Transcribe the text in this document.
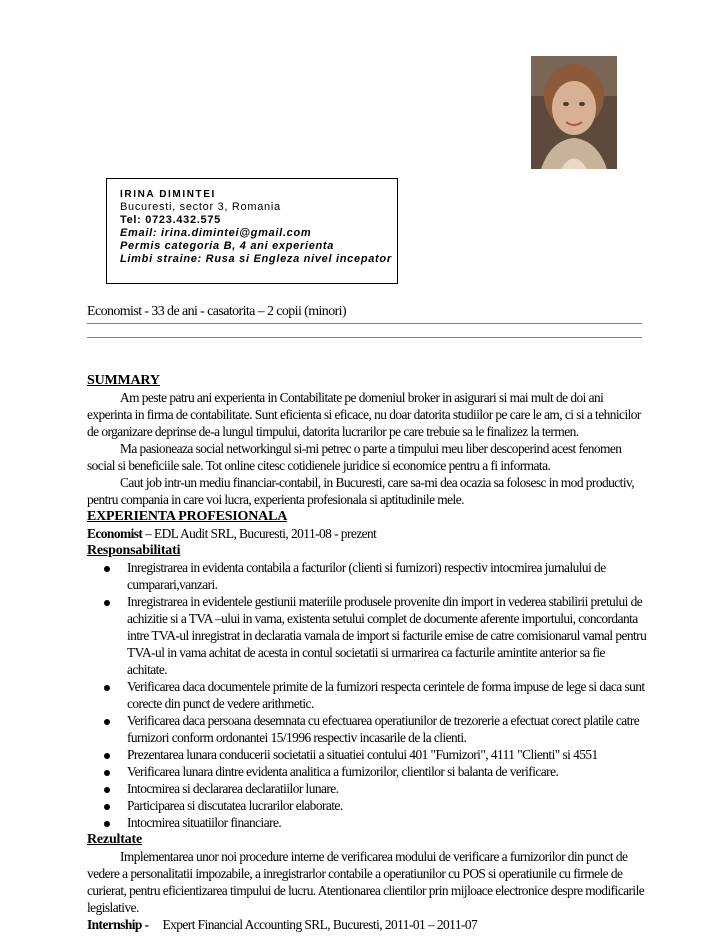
IRINA DIMINTEI
Bucuresti, sector 3, Romania
Tel: 0723.432.575
Email: irina.dimintei@gmail.com
Permis categoria B, 4 ani experienta
Limbi straine: Rusa si Engleza nivel incepator
Economist - 33 de ani - casatorita – 2 copii (minori)

SUMMARY

Am peste patru ani experienta in Contabilitate pe domeniul broker in asigurari si mai mult de doi ani experinta in firma de contabilitate. Sunt eficienta si eficace, nu doar datorita studiilor pe care le am, ci si a tehnicilor de organizare deprinse de-a lungul timpului, datorita lucrarilor pe care trebuie sa le finalizez la termen.

Ma pasioneaza social networkingul si-mi petrec o parte a timpului meu liber descoperind acest fenomen social si beneficiile sale. Tot online citesc cotidienele juridice si economice pentru a fi informata.

Caut job intr-un mediu financiar-contabil, in Bucuresti, care sa-mi dea ocazia sa folosesc in mod productiv, pentru compania in care voi lucra, experienta profesionala si aptitudinile mele.

EXPERIENTA PROFESIONALA

Economist – EDL Audit SRL, Bucuresti, 2011-08 - prezent

Responsabilitati

Inregistrarea in evidenta contabila a facturilor (clienti si furnizori) respectiv intocmirea jurnalului de cumparari,vanzari.
Inregistrarea in evidentele gestiunii materiile produsele provenite din import in vederea stabilirii pretului de achizitie si a TVA –ului in vama, existenta setului complet de documente aferente importului, concordanta intre TVA-ul inregistrat in declaratia vamala de import si facturile emise de catre comisionarul vamal pentru TVA-ul in vama achitat de acesta in contul societatii si urmarirea ca facturile amintite anterior sa fie achitate.
Verificarea daca documentele primite de la furnizori respecta cerintele de forma impuse de lege si daca sunt corecte din punct de vedere arithmetic.
Verificarea daca persoana desemnata cu efectuarea operatiunilor de trezorerie a efectuat corect platile catre furnizori conform ordonantei 15/1996 respectiv incasarile de la clienti.
Prezentarea lunara conducerii societatii a situatiei contului 401 "Furnizori", 4111 "Clienti" si 4551
Verificarea lunara dintre evidenta analitica a furnizorilor, clientilor si balanta de verificare.
Intocmirea si declararea declaratiilor lunare.
Participarea si discutatea lucrarilor elaborate.
Intocmirea situatiilor financiare.

Rezultate

Implementarea unor noi procedure interne de verificarea modului de verificare a furnizorilor din punct de vedere a personalitatii impozabile, a inregistrarlor contabile a operatiunilor cu POS si operatiunile cu firmele de curierat, pentru eficientizarea timpului de lucru. Atentionarea clientilor prin mijloace electronice despre modificarile legislative.

Internship -     Expert Financial Accounting SRL, Bucuresti, 2011-01 – 2011-07
